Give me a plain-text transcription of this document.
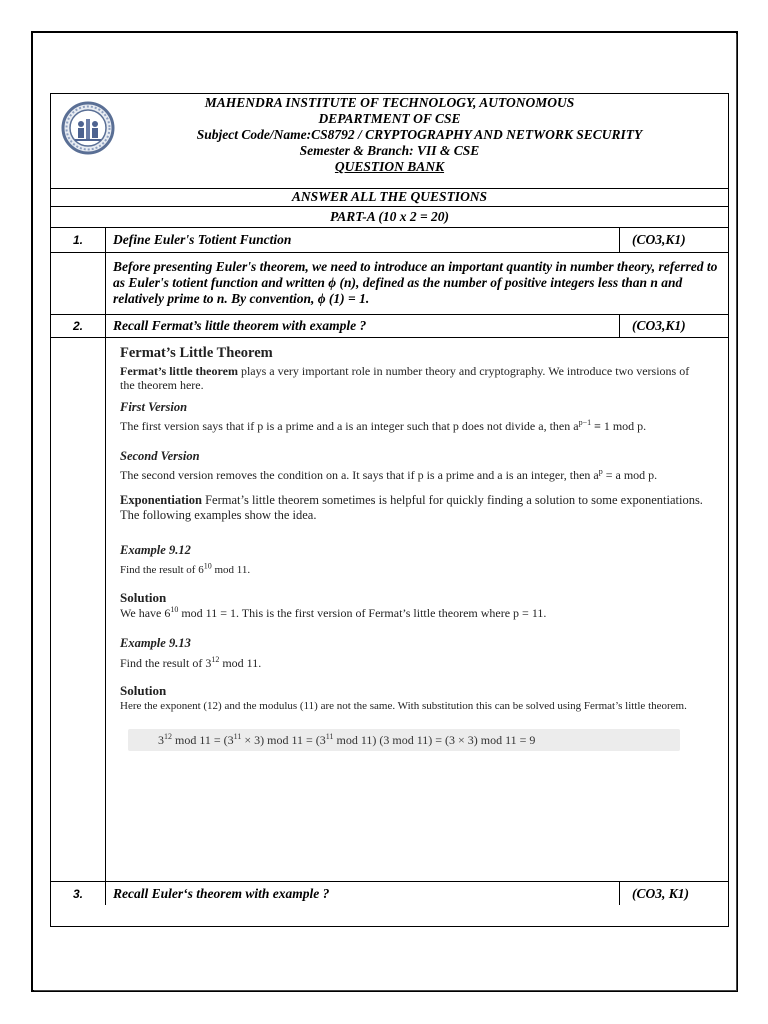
MAHENDRA INSTITUTE OF TECHNOLOGY, AUTONOMOUS
DEPARTMENT OF CSE
Subject Code/Name:CS8792 / CRYPTOGRAPHY AND NETWORK SECURITY
Semester & Branch: VII & CSE
QUESTION BANK
ANSWER ALL THE QUESTIONS
PART-A (10 x 2 = 20)
1.	Define Euler's Totient Function	(CO3,K1)
Before presenting Euler's theorem, we need to introduce an important quantity in number theory, referred to as Euler's totient function and written ϕ (n), defined as the number of positive integers less than n and relatively prime to n. By convention, ϕ (1) = 1.
2.	Recall Fermat’s little theorem with example ?	(CO3,K1)

Fermat’s Little Theorem

Fermat’s little theorem plays a very important role in number theory and cryptography. We introduce two versions of the theorem here.

First Version

The first version says that if p is a prime and a is an integer such that p does not divide a, then $a^{p-1} \equiv 1$ mod p.

Second Version

The second version removes the condition on a. It says that if p is a prime and a is an integer, then $a^p = a$ mod p.

Exponentiation Fermat’s little theorem sometimes is helpful for quickly finding a solution to some exponentiations. The following examples show the idea.

Example 9.12

Find the result of $6^{10}$ mod 11.

Solution

We have $6^{10}$ mod 11 = 1. This is the first version of Fermat’s little theorem where p = 11.

Example 9.13

Find the result of $3^{12}$ mod 11.

Solution

Here the exponent (12) and the modulus (11) are not the same. With substitution this can be solved using Fermat’s little theorem.

$3^{12}$ mod $11 = (3^{11} \times 3)$ mod $11 = (3^{11}$ mod 11) (3 mod 11) = (3 × 3) mod 11 = 9
3.	Recall Euler‘s theorem with example ?	(CO3, K1)
